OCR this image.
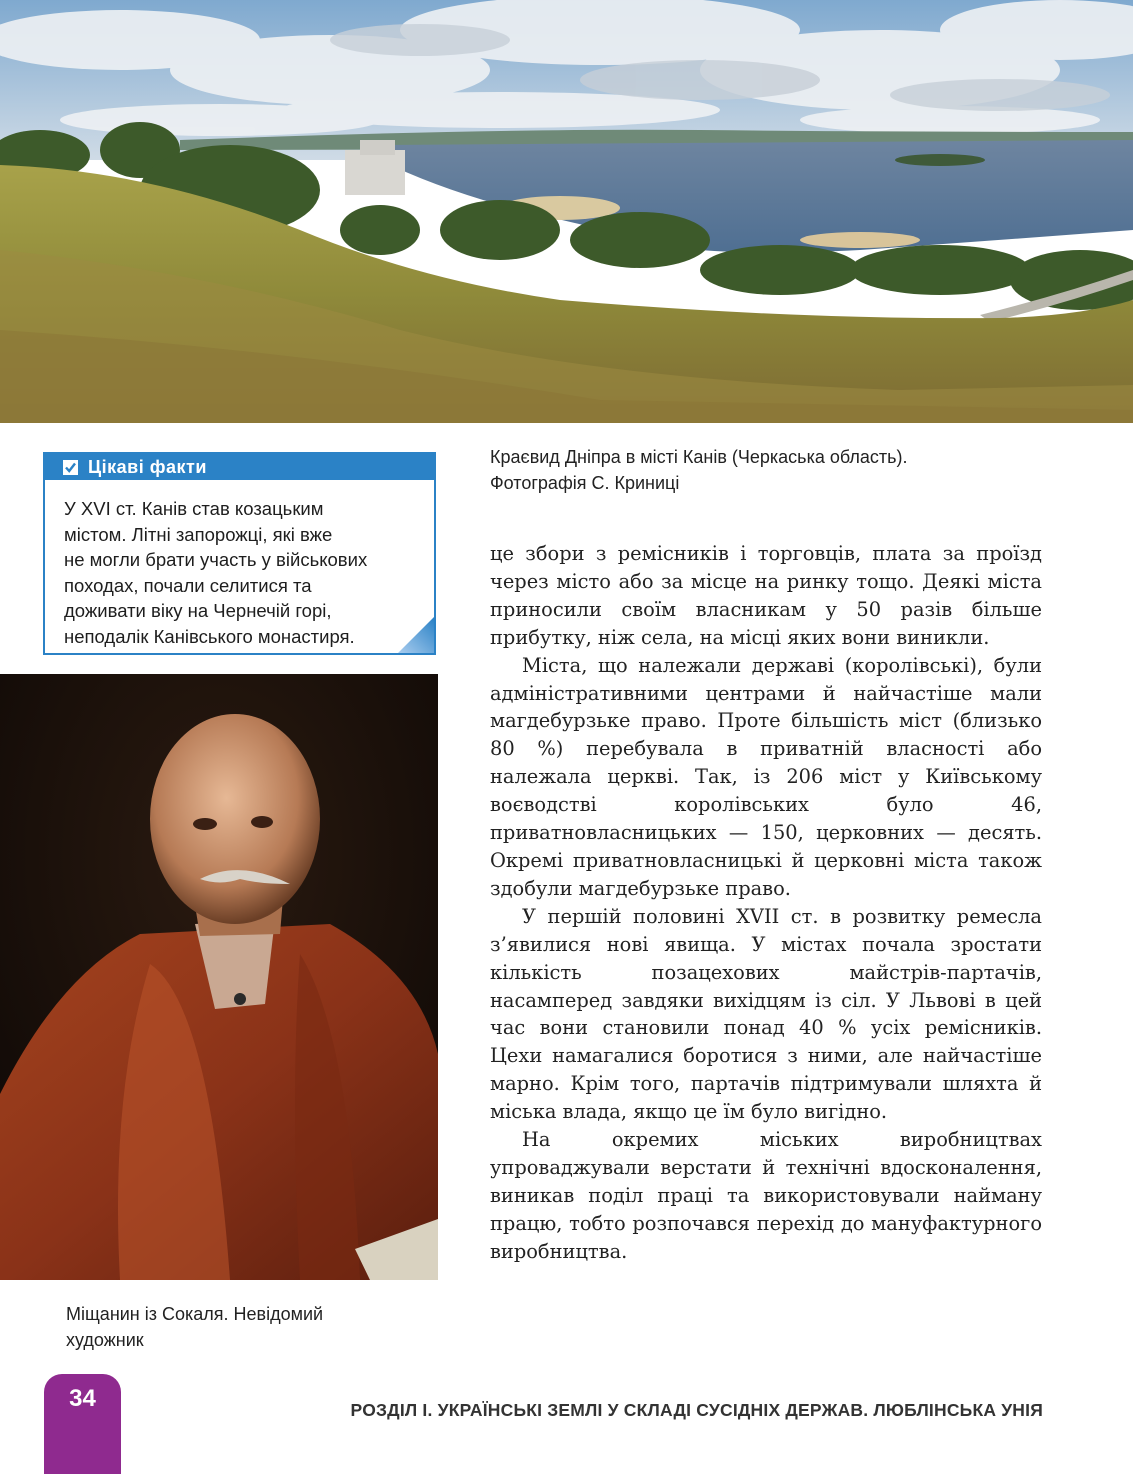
Цікаві факти
У XVI ст. Канів став козацьким
містом. Літні запорожці, які вже
не могли брати участь у військових
походах, почали селитися та
доживати віку на Чернечій горі,
неподалік Канівського монастиря.
Краєвид Дніпра в місті Канів (Черкаська область).
Фотографія С. Криниці
Міщанин із Сокаля. Невідомий
художник

це збори з ремісників і торговців, плата за проїзд через місто або за місце на ринку тощо. Деякі міста приносили своїм власникам у 50 разів більше прибутку, ніж села, на місці яких вони виникли.

Міста, що належали державі (королівські), були адміністративними центрами й найчастіше мали магдебурзьке право. Проте більшість міст (близько 80 %) перебувала в приватній власності або належала церкві. Так, із 206 міст у Київському воєводстві королівських було 46, приватновласницьких — 150, церковних — десять. Окремі приватновласницькі й церковні міста також здобули магдебурзьке право.

У першій половині XVII ст. в розвитку ремесла з’явилися нові явища. У містах почала зростати кількість позацехових майстрів-партачів, насамперед завдяки вихідцям із сіл. У Львові в цей час вони становили понад 40 % усіх ремісників. Цехи намагалися боротися з ними, але найчастіше марно. Крім того, партачів підтримували шляхта й міська влада, якщо це їм було вигідно.

На окремих міських виробництвах упроваджували верстати й технічні вдосконалення, виникав поділ праці та використовували найману працю, тобто розпочався перехід до мануфактурного виробництва.

34	РОЗДІЛ І. УКРАЇНСЬКІ ЗЕМЛІ У СКЛАДІ СУСІДНІХ ДЕРЖАВ. ЛЮБЛІНСЬКА УНІЯ
